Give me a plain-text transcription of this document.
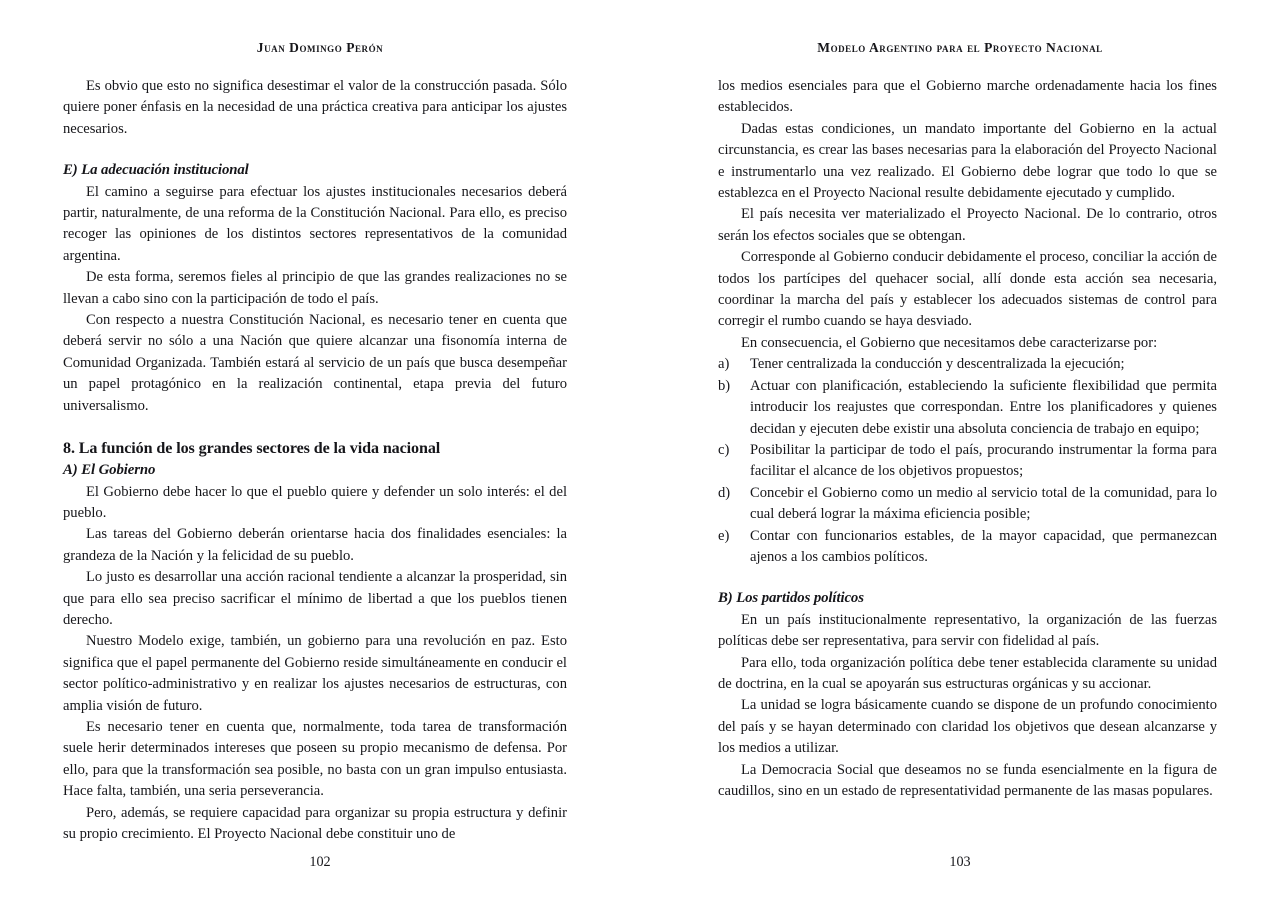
Juan Domingo Perón

Es obvio que esto no significa desestimar el valor de la construcción pasada. Sólo quiere poner énfasis en la necesidad de una práctica creativa para anticipar los ajustes necesarios.

E) La adecuación institucional

El camino a seguirse para efectuar los ajustes institucionales necesarios deberá partir, naturalmente, de una reforma de la Constitución Nacional. Para ello, es preciso recoger las opiniones de los distintos sectores representativos de la comunidad argentina.

De esta forma, seremos fieles al principio de que las grandes realizaciones no se llevan a cabo sino con la participación de todo el país.

Con respecto a nuestra Constitución Nacional, es necesario tener en cuenta que deberá servir no sólo a una Nación que quiere alcanzar una fisonomía interna de Comunidad Organizada. También estará al servicio de un país que busca desempeñar un papel protagónico en la realización continental, etapa previa del futuro universalismo.

8. La función de los grandes sectores de la vida nacional
A) El Gobierno

El Gobierno debe hacer lo que el pueblo quiere y defender un solo interés: el del pueblo.

Las tareas del Gobierno deberán orientarse hacia dos finalidades esenciales: la grandeza de la Nación y la felicidad de su pueblo.

Lo justo es desarrollar una acción racional tendiente a alcanzar la prosperidad, sin que para ello sea preciso sacrificar el mínimo de libertad a que los pueblos tienen derecho.

Nuestro Modelo exige, también, un gobierno para una revolución en paz. Esto significa que el papel permanente del Gobierno reside simultáneamente en conducir el sector político-administrativo y en realizar los ajustes necesarios de estructuras, con amplia visión de futuro.

Es necesario tener en cuenta que, normalmente, toda tarea de transformación suele herir determinados intereses que poseen su propio mecanismo de defensa. Por ello, para que la transformación sea posible, no basta con un gran impulso entusiasta. Hace falta, también, una seria perseverancia.

Pero, además, se requiere capacidad para organizar su propia estructura y definir su propio crecimiento. El Proyecto Nacional debe constituir uno de

102
Modelo Argentino para el Proyecto Nacional

los medios esenciales para que el Gobierno marche ordenadamente hacia los fines establecidos.

Dadas estas condiciones, un mandato importante del Gobierno en la actual circunstancia, es crear las bases necesarias para la elaboración del Proyecto Nacional e instrumentarlo una vez realizado. El Gobierno debe lograr que todo lo que se establezca en el Proyecto Nacional resulte debidamente ejecutado y cumplido.

El país necesita ver materializado el Proyecto Nacional. De lo contrario, otros serán los efectos sociales que se obtengan.

Corresponde al Gobierno conducir debidamente el proceso, conciliar la acción de todos los partícipes del quehacer social, allí donde esta acción sea necesaria, coordinar la marcha del país y establecer los adecuados sistemas de control para corregir el rumbo cuando se haya desviado.

En consecuencia, el Gobierno que necesitamos debe caracterizarse por:

a)	Tener centralizada la conducción y descentralizada la ejecución;
b)	Actuar con planificación, estableciendo la suficiente flexibilidad que permita introducir los reajustes que correspondan. Entre los planificadores y quienes decidan y ejecuten debe existir una absoluta conciencia de trabajo en equipo;
c)	Posibilitar la participar de todo el país, procurando instrumentar la forma para facilitar el alcance de los objetivos propuestos;
d)	Concebir el Gobierno como un medio al servicio total de la comunidad, para lo cual deberá lograr la máxima eficiencia posible;
e)	Contar con funcionarios estables, de la mayor capacidad, que permanezcan ajenos a los cambios políticos.
B) Los partidos políticos

En un país institucionalmente representativo, la organización de las fuerzas políticas debe ser representativa, para servir con fidelidad al país.

Para ello, toda organización política debe tener establecida claramente su unidad de doctrina, en la cual se apoyarán sus estructuras orgánicas y su accionar.

La unidad se logra básicamente cuando se dispone de un profundo conocimiento del país y se hayan determinado con claridad los objetivos que desean alcanzarse y los medios a utilizar.

La Democracia Social que deseamos no se funda esencialmente en la figura de caudillos, sino en un estado de representatividad permanente de las masas populares.

103
